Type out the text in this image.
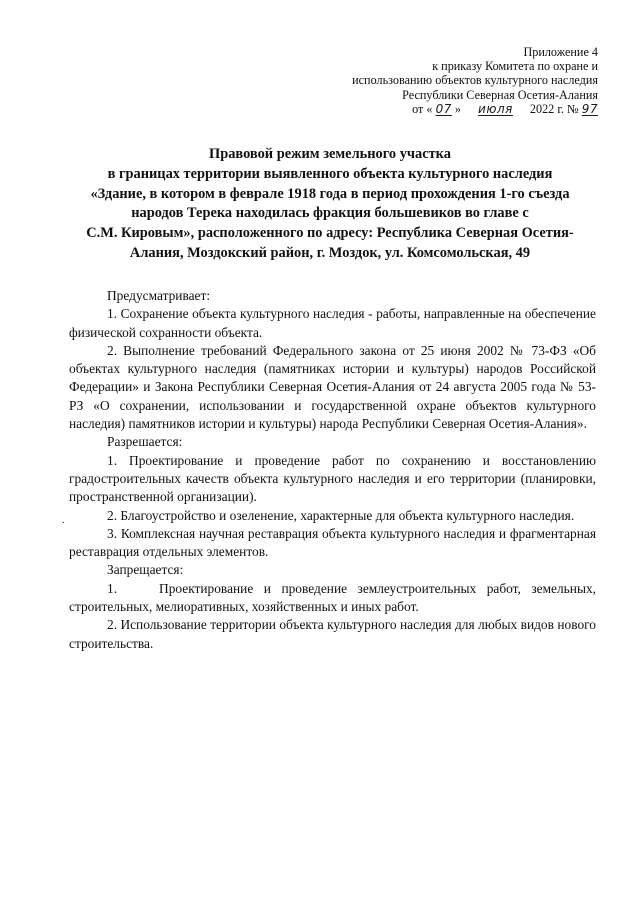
Приложение 4
к приказу Комитета по охране и
использованию объектов культурного наследия
Республики Северная Осетия-Алания
от « 07 » июля 2022 г. № 97
Правовой режим земельного участка
в границах территории выявленного объекта культурного наследия
«Здание, в котором в феврале 1918 года в период прохождения 1-го съезда
народов Терека находилась фракция большевиков во главе с
С.М. Кировым», расположенного по адресу: Республика Северная Осетия-
Алания, Моздокский район, г. Моздок, ул. Комсомольская, 49
.

Предусматривает:

1. Сохранение объекта культурного наследия - работы, направленные на обеспечение физической сохранности объекта.

2. Выполнение требований Федерального закона от 25 июня 2002 № 73-ФЗ «Об объектах культурного наследия (памятниках истории и культуры) народов Российской Федерации» и Закона Республики Северная Осетия-Алания от 24 августа 2005 года № 53-РЗ «О сохранении, использовании и государственной охране объектов культурного наследия) памятников истории и культуры) народа Республики Северная Осетия-Алания».

Разрешается:

1. Проектирование и проведение работ по сохранению и восстановлению градостроительных качеств объекта культурного наследия и его территории (планировки, пространственной организации).

2. Благоустройство и озеленение, характерные для объекта культурного наследия.

3. Комплексная научная реставрация объекта культурного наследия и фрагментарная реставрация отдельных элементов.

Запрещается:

1.    Проектирование и проведение землеустроительных работ, земельных, строительных, мелиоративных, хозяйственных и иных работ.

2. Использование территории объекта культурного наследия для любых видов нового строительства.
